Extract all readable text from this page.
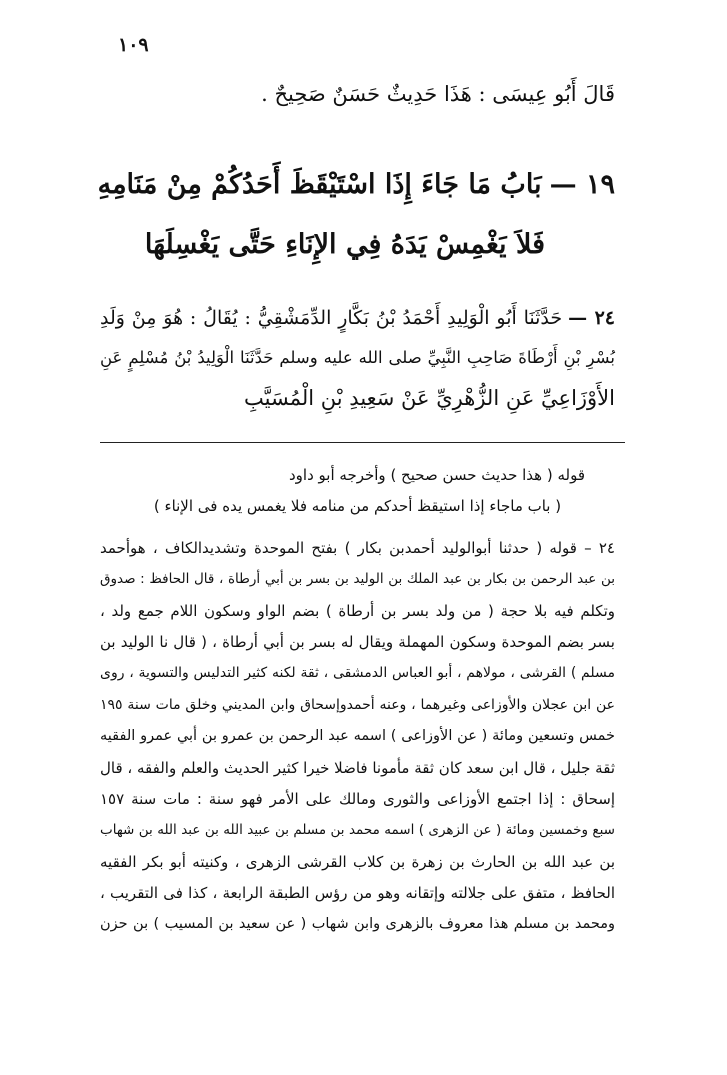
١٠٩
قَالَ أَبُو عِيسَى : هَذَا حَدِيثٌ حَسَنٌ صَحِيحٌ .
١٩ —بَابُ مَا جَاءَ إِذَا اسْتَيْقَظَ أَحَدُكُمْ مِنْ مَنَامِهِ
فَلاَ يَغْمِسْ يَدَهُ فِي الإِنَاءِ حَتَّى يَغْسِلَهَا
٢٤ —حَدَّثَنَا أَبُو الْوَلِيدِ أَحْمَدُ بْنُ بَكَّارٍ الدِّمَشْقِيُّ : يُقَالُ : هُوَ مِنْ وَلَدِ
بُسْرِ بْنِ أَرْطَاةَ صَاحِبِ النَّبِيِّ صلى الله عليه وسلم حَدَّثَنَا الْوَلِيدُ بْنُ مُسْلِمٍ عَنِ
الأَوْزَاعِيِّ عَنِ الزُّهْرِيِّ عَنْ سَعِيدِ بْنِ الْمُسَيَّبِ
قوله ( هذا حديث حسن صحيح ) وأخرجه أبو داود
( باب ماجاء إذا استيقظ أحدكم من منامه فلا يغمس يده فى الإناء )
٢٤ – قوله ( حدثنا أبوالوليد أحمدبن بكار ) بفتح الموحدة وتشديدالكاف ، هوأحمد
بن عبد الرحمن بن بكار بن عبد الملك بن الوليد بن بسر بن أبي أرطاة ، قال الحافظ : صدوق
وتكلم فيه بلا حجة ( من ولد بسر بن أرطاة ) بضم الواو وسكون اللام جمع ولد ،
بسر بضم الموحدة وسكون المهملة ويقال له بسر بن أبي أرطاة ، ( قال نا الوليد بن
مسلم ) القرشى ، مولاهم ، أبو العباس الدمشقى ، ثقة لكنه كثير التدليس والتسوية ، روى
عن ابن عجلان والأوزاعى وغيرهما ، وعنه أحمدوإسحاق وابن المديني وخلق مات سنة ١٩٥
خمس وتسعين ومائة ( عن الأوزاعى ) اسمه عبد الرحمن بن عمرو بن أبي عمرو الفقيه
ثقة جليل ، قال ابن سعد كان ثقة مأمونا فاضلا خيرا كثير الحديث والعلم والفقه ، قال
إسحاق : إذا اجتمع الأوزاعى والثورى ومالك على الأمر فهو سنة : مات سنة ١٥٧
سبع وخمسين ومائة ( عن الزهرى ) اسمه محمد بن مسلم بن عبيد الله بن عبد الله بن شهاب
بن عبد الله بن الحارث بن زهرة بن كلاب القرشى الزهرى ، وكنيته أبو بكر الفقيه
الحافظ ، متفق على جلالته وإتقانه وهو من رؤس الطبقة الرابعة ، كذا فى التقريب ،
ومحمد بن مسلم هذا معروف بالزهرى وابن شهاب ( عن سعيد بن المسيب ) بن حزن
